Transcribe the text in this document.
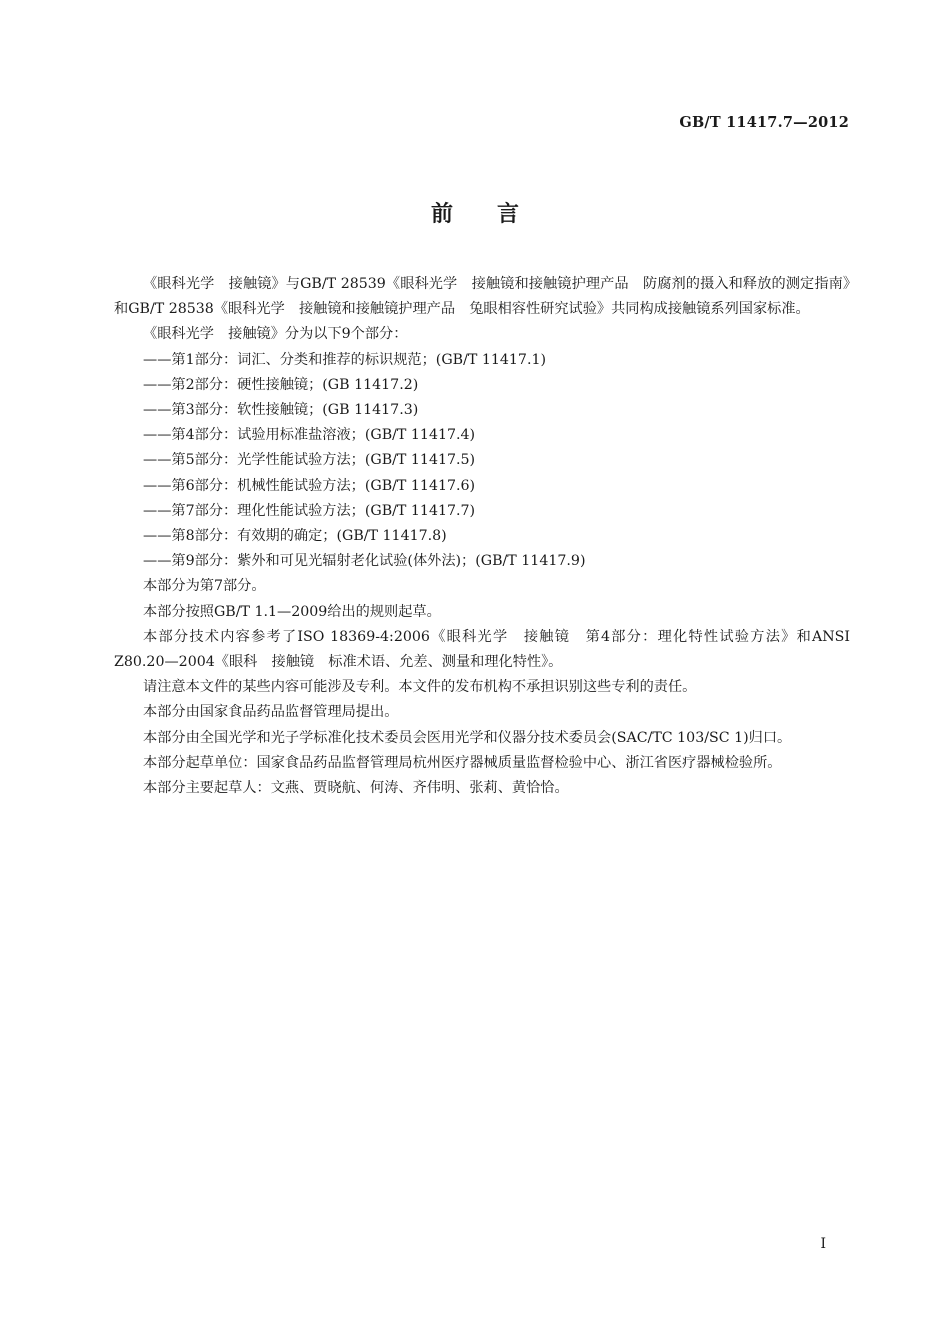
GB/T 11417.7—2012
前　　言

《眼科光学　接触镜》与GB/T 28539《眼科光学　接触镜和接触镜护理产品　防腐剂的摄入和释放的测定指南》和GB/T 28538《眼科光学　接触镜和接触镜护理产品　兔眼相容性研究试验》共同构成接触镜系列国家标准。

《眼科光学　接触镜》分为以下9个部分：

——第1部分：词汇、分类和推荐的标识规范；(GB/T 11417.1)

——第2部分：硬性接触镜；(GB 11417.2)

——第3部分：软性接触镜；(GB 11417.3)

——第4部分：试验用标准盐溶液；(GB/T 11417.4)

——第5部分：光学性能试验方法；(GB/T 11417.5)

——第6部分：机械性能试验方法；(GB/T 11417.6)

——第7部分：理化性能试验方法；(GB/T 11417.7)

——第8部分：有效期的确定；(GB/T 11417.8)

——第9部分：紫外和可见光辐射老化试验(体外法)；(GB/T 11417.9)

本部分为第7部分。

本部分按照GB/T 1.1—2009给出的规则起草。

本部分技术内容参考了ISO 18369-4:2006《眼科光学　接触镜　第4部分：理化特性试验方法》和ANSI Z80.20—2004《眼科　接触镜　标准术语、允差、测量和理化特性》。

请注意本文件的某些内容可能涉及专利。本文件的发布机构不承担识别这些专利的责任。

本部分由国家食品药品监督管理局提出。

本部分由全国光学和光子学标准化技术委员会医用光学和仪器分技术委员会(SAC/TC 103/SC 1)归口。

本部分起草单位：国家食品药品监督管理局杭州医疗器械质量监督检验中心、浙江省医疗器械检验所。

本部分主要起草人：文燕、贾晓航、何涛、齐伟明、张莉、黄恰恰。

I
